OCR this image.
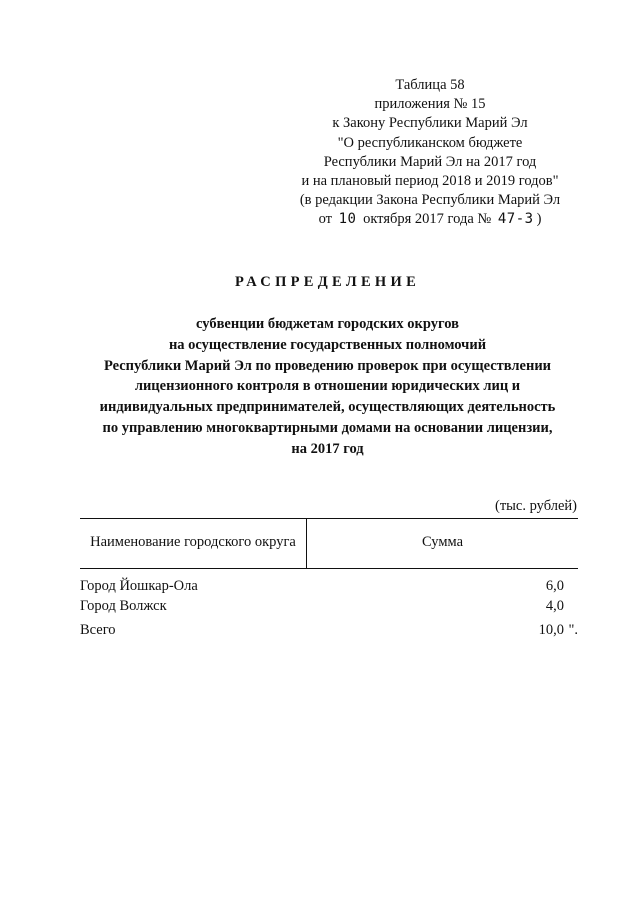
Таблица 58
приложения № 15
к Закону Республики Марий Эл
"О республиканском бюджете
Республики Марий Эл на 2017 год
и на плановый период 2018 и 2019 годов"
(в редакции Закона Республики Марий Эл
от 10 октября 2017 года № 47-З )
РАСПРЕДЕЛЕНИЕ
субвенции бюджетам городских округов
на осуществление государственных полномочий
Республики Марий Эл по проведению проверок при осуществлении
лицензионного контроля в отношении юридических лиц и
индивидуальных предпринимателей, осуществляющих деятельность
по управлению многоквартирными домами на основании лицензии,
на 2017 год
(тыс. рублей)
Наименование городского округа	Сумма
Город Йошкар-Ола	6,0
Город Волжск	4,0
Всего	10,0 ".
